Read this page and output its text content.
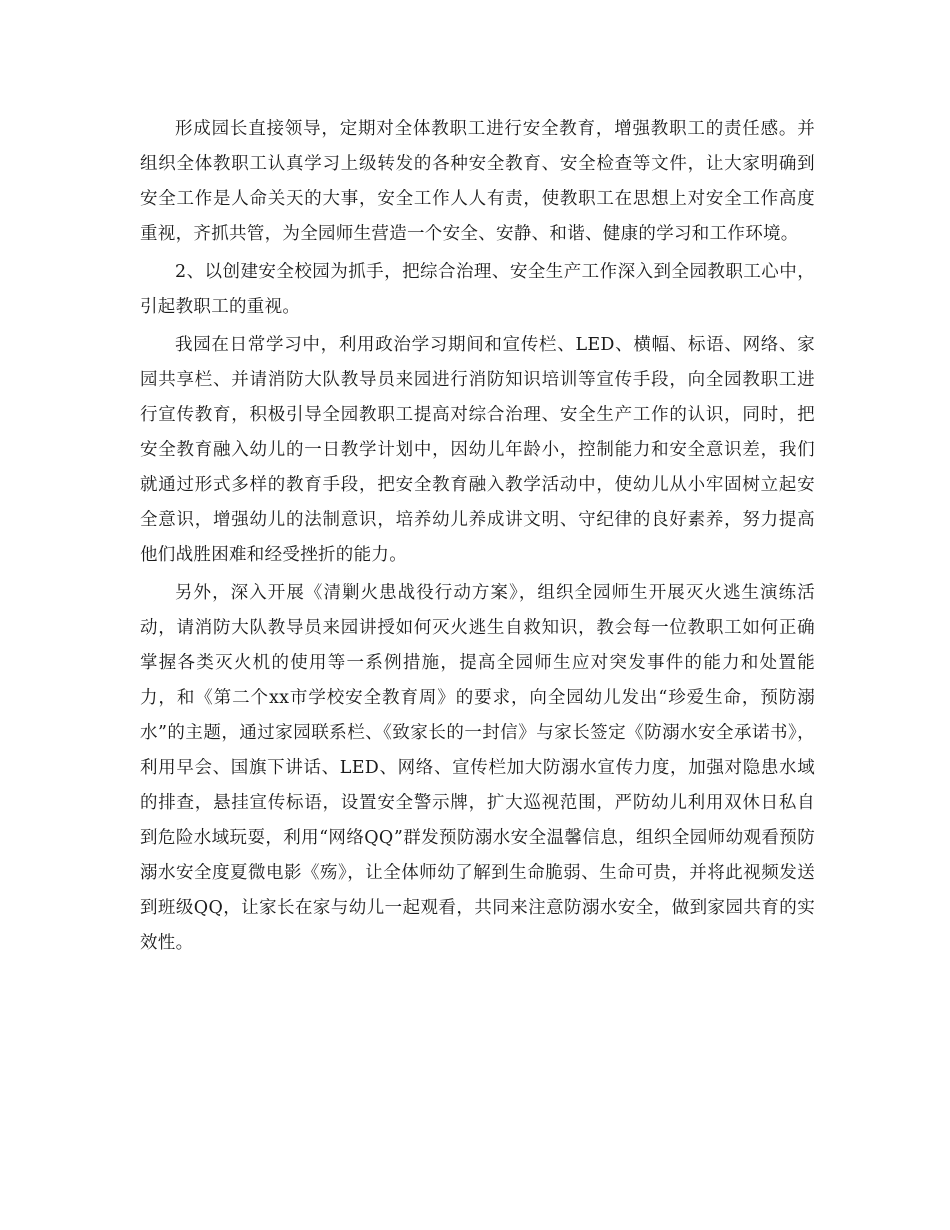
形成园长直接领导，定期对全体教职工进行安全教育，增强教职工的责任感。并组织全体教职工认真学习上级转发的各种安全教育、安全检查等文件，让大家明确到安全工作是人命关天的大事，安全工作人人有责，使教职工在思想上对安全工作高度重视，齐抓共管，为全园师生营造一个安全、安静、和谐、健康的学习和工作环境。

2、以创建安全校园为抓手，把综合治理、安全生产工作深入到全园教职工心中，引起教职工的重视。

我园在日常学习中，利用政治学习期间和宣传栏、LED、横幅、标语、网络、家园共享栏、并请消防大队教导员来园进行消防知识培训等宣传手段，向全园教职工进行宣传教育，积极引导全园教职工提高对综合治理、安全生产工作的认识，同时，把安全教育融入幼儿的一日教学计划中，因幼儿年龄小，控制能力和安全意识差，我们就通过形式多样的教育手段，把安全教育融入教学活动中，使幼儿从小牢固树立起安全意识，增强幼儿的法制意识，培养幼儿养成讲文明、守纪律的良好素养，努力提高他们战胜困难和经受挫折的能力。

另外，深入开展《清剿火患战役行动方案》，组织全园师生开展灭火逃生演练活动，请消防大队教导员来园讲授如何灭火逃生自救知识，教会每一位教职工如何正确掌握各类灭火机的使用等一系例措施，提高全园师生应对突发事件的能力和处置能力，和《第二个xx市学校安全教育周》的要求，向全园幼儿发出“珍爱生命，预防溺水”的主题，通过家园联系栏、《致家长的一封信》与家长签定《防溺水安全承诺书》，利用早会、国旗下讲话、LED、网络、宣传栏加大防溺水宣传力度，加强对隐患水域的排查，悬挂宣传标语，设置安全警示牌，扩大巡视范围，严防幼儿利用双休日私自到危险水域玩耍，利用“网络QQ”群发预防溺水安全温馨信息，组织全园师幼观看预防溺水安全度夏微电影《殇》，让全体师幼了解到生命脆弱、生命可贵，并将此视频发送到班级QQ，让家长在家与幼儿一起观看，共同来注意防溺水安全，做到家园共育的实效性。
